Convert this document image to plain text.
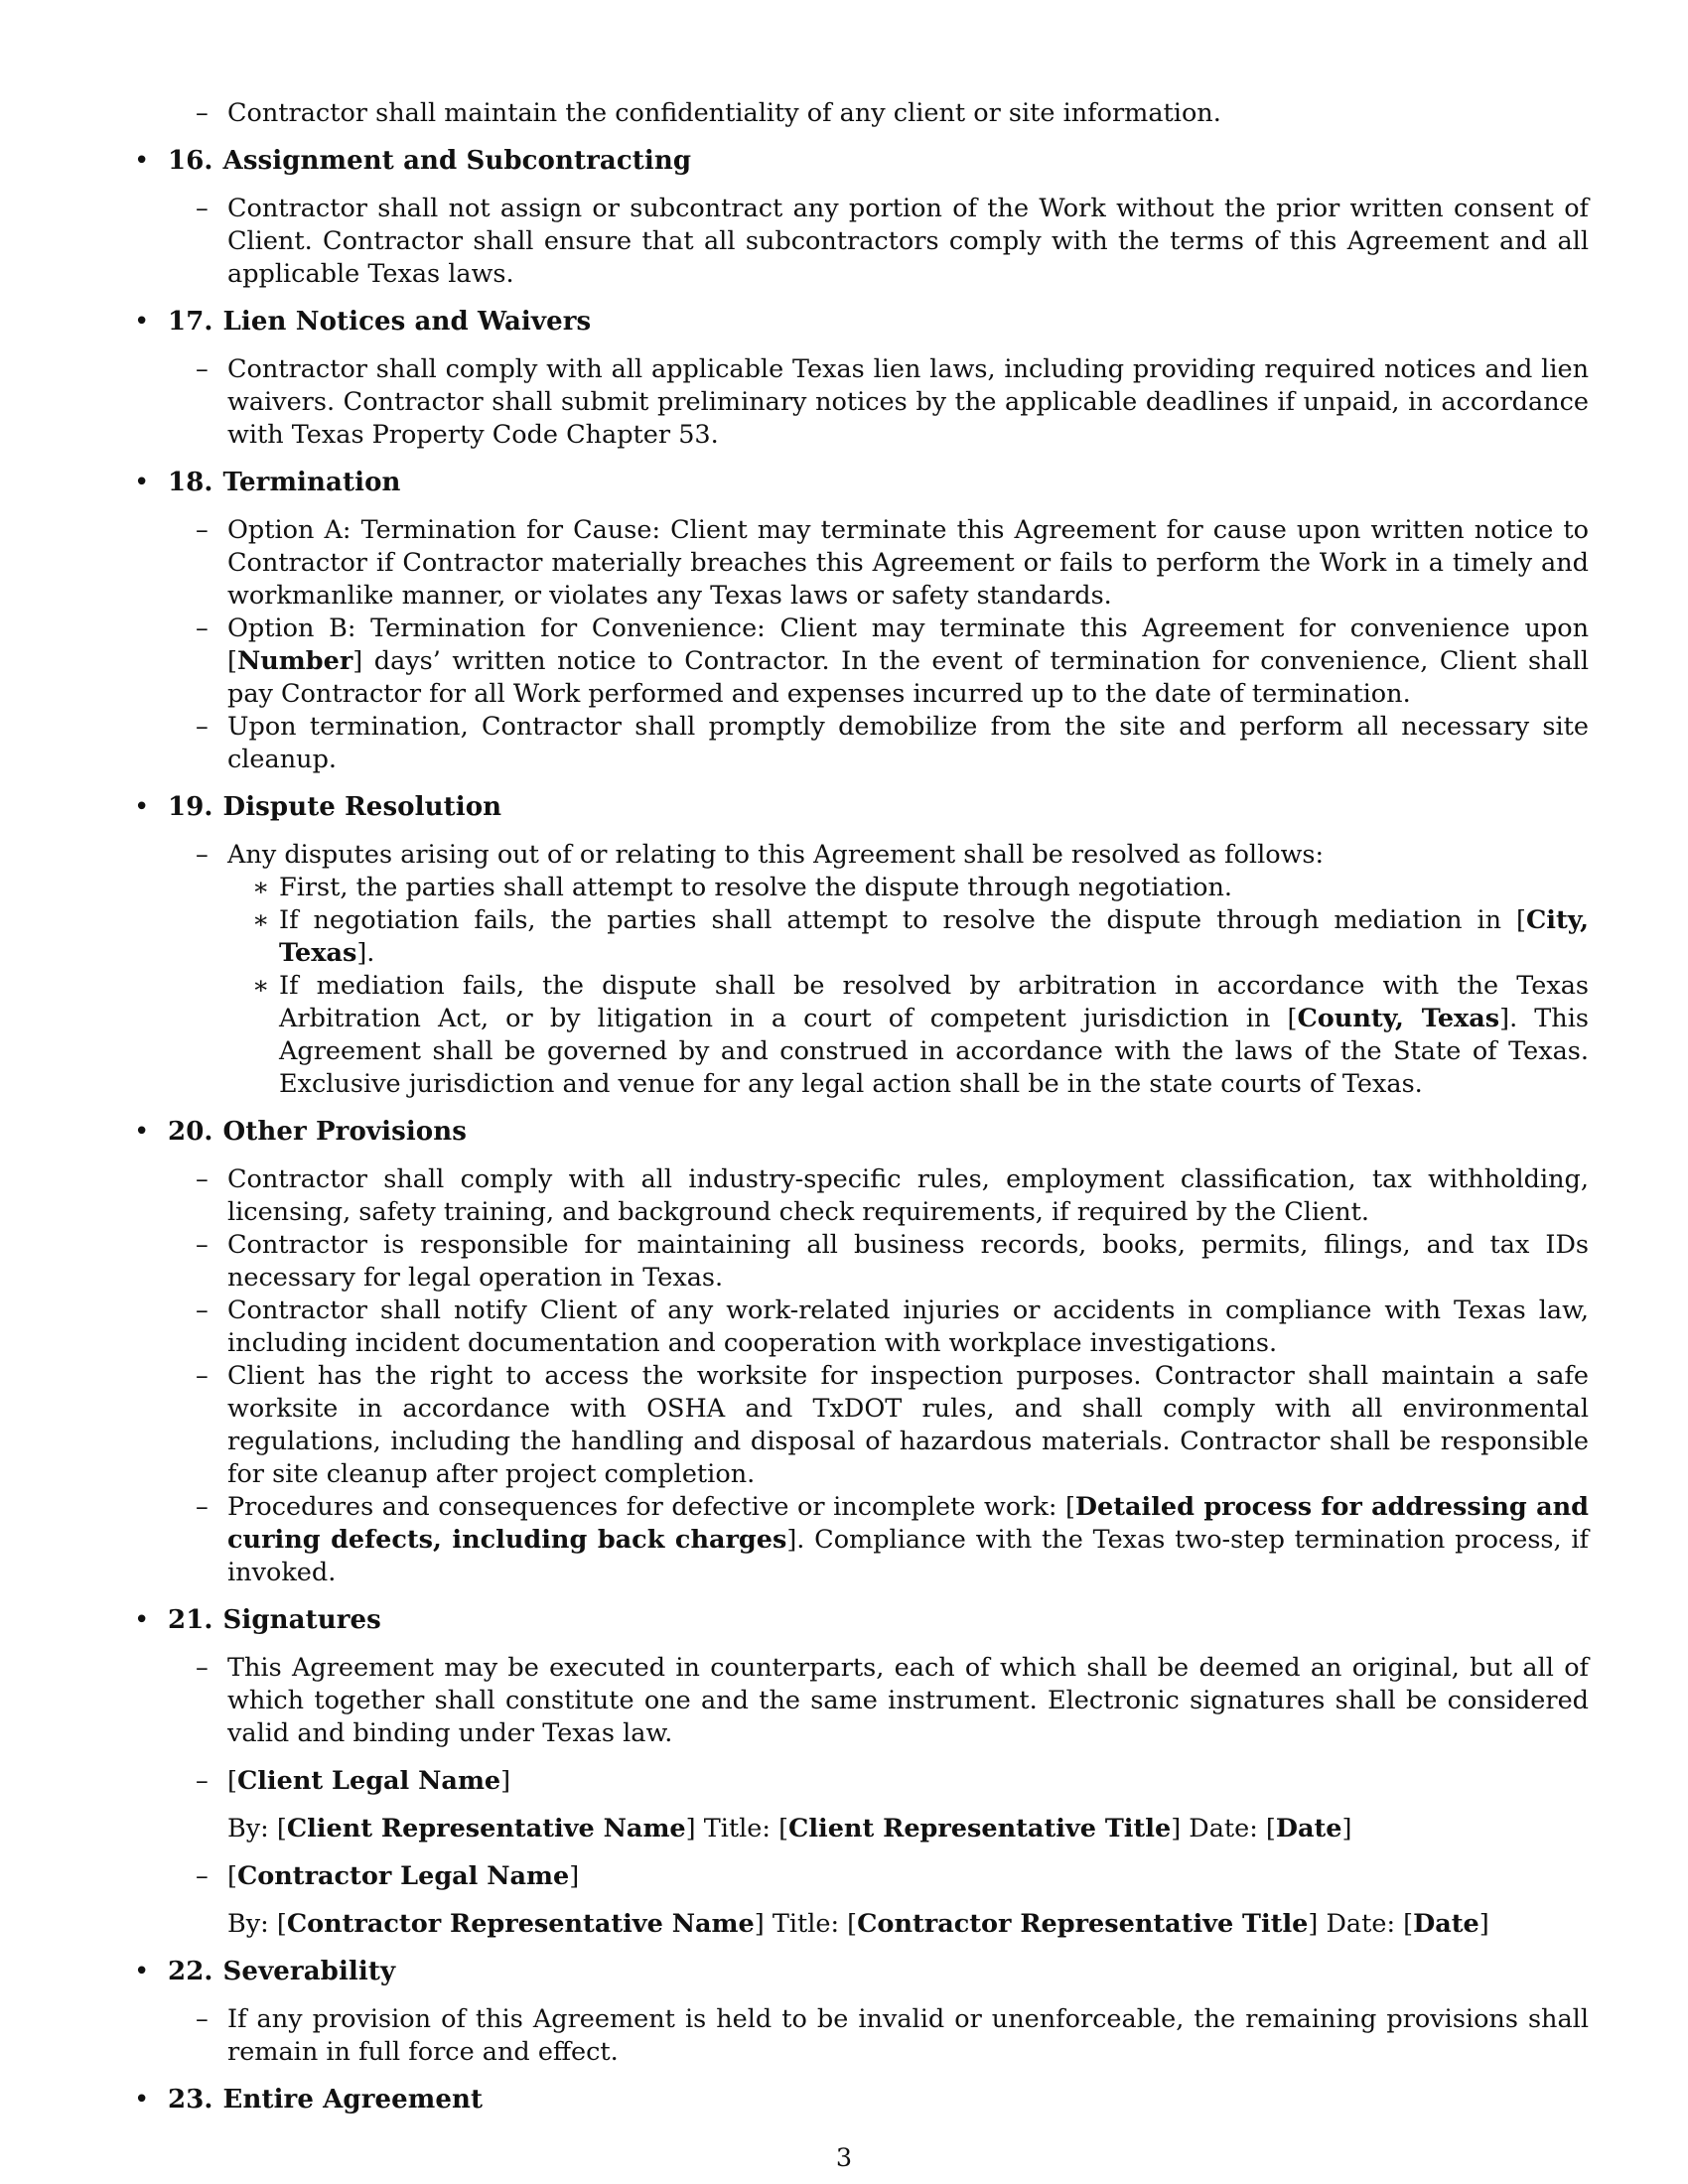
– Contractor shall maintain the confidentiality of any client or site information.
• 16. Assignment and Subcontracting
– Contractor shall not assign or subcontract any portion of the Work without the prior written consent of Client. Contractor shall ensure that all subcontractors comply with the terms of this Agreement and all applicable Texas laws.
• 17. Lien Notices and Waivers
– Contractor shall comply with all applicable Texas lien laws, including providing required notices and lien waivers. Contractor shall submit preliminary notices by the applicable deadlines if unpaid, in accordance with Texas Property Code Chapter 53.
• 18. Termination
– Option A: Termination for Cause: Client may terminate this Agreement for cause upon written notice to Contractor if Contractor materially breaches this Agreement or fails to perform the Work in a timely and workmanlike manner, or violates any Texas laws or safety standards.
– Option B: Termination for Convenience: Client may terminate this Agreement for convenience upon [Number] days’ written notice to Contractor. In the event of termination for convenience, Client shall pay Contractor for all Work performed and expenses incurred up to the date of termination.
– Upon termination, Contractor shall promptly demobilize from the site and perform all necessary site cleanup.
• 19. Dispute Resolution
– Any disputes arising out of or relating to this Agreement shall be resolved as follows:
∗ First, the parties shall attempt to resolve the dispute through negotiation.
∗ If negotiation fails, the parties shall attempt to resolve the dispute through mediation in [City, Texas].
∗ If mediation fails, the dispute shall be resolved by arbitration in accordance with the Texas Arbitration Act, or by litigation in a court of competent jurisdiction in [County, Texas]. This Agreement shall be governed by and construed in accordance with the laws of the State of Texas. Exclusive jurisdiction and venue for any legal action shall be in the state courts of Texas.
• 20. Other Provisions
– Contractor shall comply with all industry-specific rules, employment classification, tax withholding, licensing, safety training, and background check requirements, if required by the Client.
– Contractor is responsible for maintaining all business records, books, permits, filings, and tax IDs necessary for legal operation in Texas.
– Contractor shall notify Client of any work-related injuries or accidents in compliance with Texas law, including incident documentation and cooperation with workplace investigations.
– Client has the right to access the worksite for inspection purposes. Contractor shall maintain a safe worksite in accordance with OSHA and TxDOT rules, and shall comply with all environmental regulations, including the handling and disposal of hazardous materials. Contractor shall be responsible for site cleanup after project completion.
– Procedures and consequences for defective or incomplete work: [Detailed process for addressing and curing defects, including back charges]. Compliance with the Texas two-step termination process, if invoked.
• 21. Signatures
– This Agreement may be executed in counterparts, each of which shall be deemed an original, but all of which together shall constitute one and the same instrument. Electronic signatures shall be considered valid and binding under Texas law.
– [Client Legal Name]
By: [Client Representative Name] Title: [Client Representative Title] Date: [Date]
– [Contractor Legal Name]
By: [Contractor Representative Name] Title: [Contractor Representative Title] Date: [Date]
• 22. Severability
– If any provision of this Agreement is held to be invalid or unenforceable, the remaining provisions shall remain in full force and effect.
• 23. Entire Agreement
3
